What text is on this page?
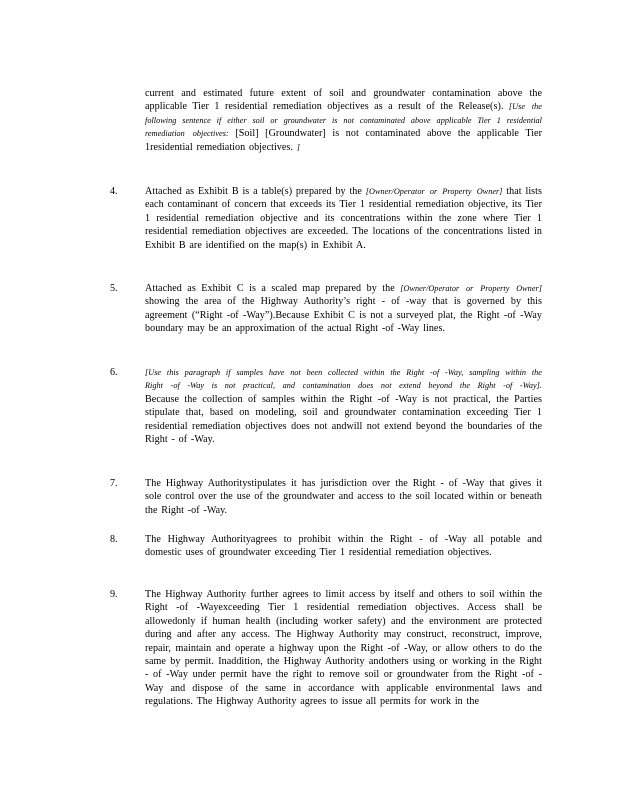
current and estimated future extent of soil and groundwater contamination above the applicable Tier 1 residential remediation objectives as a result of the Release(s). [Use the following sentence if either soil or groundwater is not contaminated above applicable Tier 1 residential remediation objectives: [Soil] [Groundwater] is not contaminated above the applicable Tier 1residential remediation objectives. ]
4.	Attached as Exhibit B is a table(s) prepared by the [Owner/Operator or Property Owner] that lists each contaminant of concern that exceeds its Tier 1 residential remediation objective, its Tier 1 residential remediation objective and its concentrations within the zone where Tier 1 residential remediation objectives are exceeded. The locations of the concentrations listed in Exhibit B are identified on the map(s) in Exhibit A.
5.	Attached as Exhibit C is a scaled map prepared by the [Owner/Operator or Property Owner] showing the area of the Highway Authority’s right - of -way that is governed by this agreement (“Right -of -Way”).Because Exhibit C is not a surveyed plat, the Right -of -Way boundary may be an approximation of the actual Right -of -Way lines.
6.	[Use this paragraph if samples have not been collected within the Right -of -Way, sampling within the Right -of -Way is not practical, and contamination does not extend beyond the Right -of -Way]. Because the collection of samples within the Right -of -Way is not practical, the Parties stipulate that, based on modeling, soil and groundwater contamination exceeding Tier 1 residential remediation objectives does not andwill not extend beyond the boundaries of the Right - of -Way.
7.	The Highway Authoritystipulates it has jurisdiction over the Right - of -Way that gives it sole control over the use of the groundwater and access to the soil located within or beneath the Right -of -Way.
8.	The Highway Authorityagrees to prohibit within the Right - of -Way all potable and domestic uses of groundwater exceeding Tier 1 residential remediation objectives.
9.	The Highway Authority further agrees to limit access by itself and others to soil within the Right -of -Wayexceeding Tier 1 residential remediation objectives. Access shall be allowedonly if human health (including worker safety) and the environment are protected during and after any access. The Highway Authority may construct, reconstruct, improve, repair, maintain and operate a highway upon the Right -of -Way, or allow others to do the same by permit. Inaddition, the Highway Authority andothers using or working in the Right - of -Way under permit have the right to remove soil or groundwater from the Right -of -Way and dispose of the same in accordance with applicable environmental laws and regulations. The Highway Authority agrees to issue all permits for work in the
